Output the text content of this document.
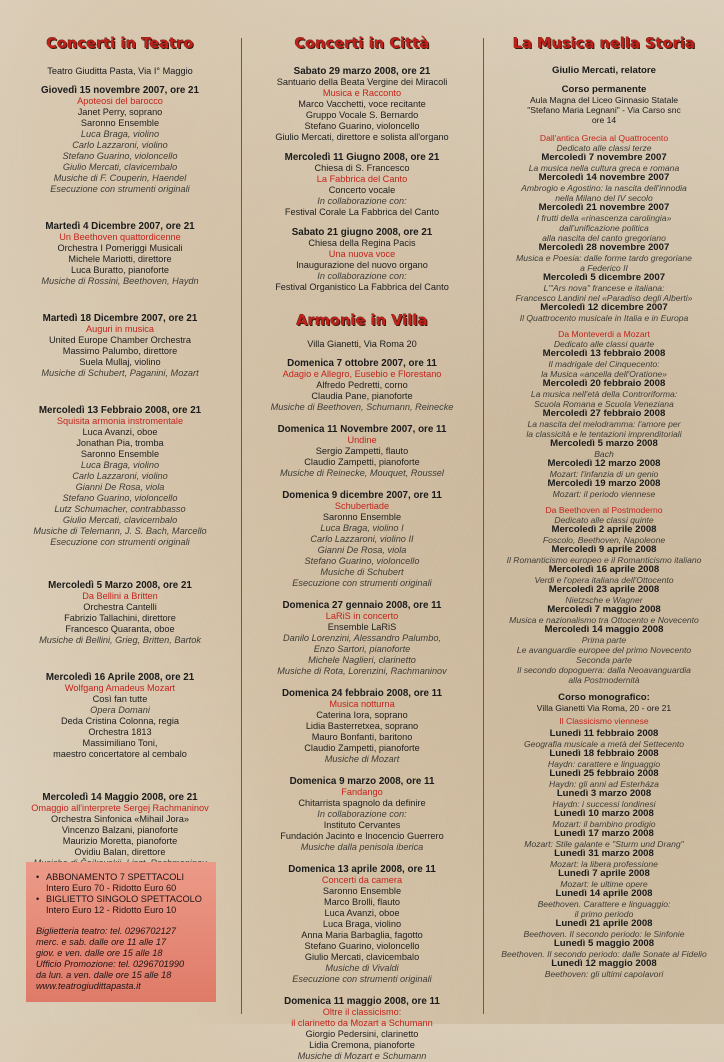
Concerti in Teatro
Teatro Giuditta Pasta, Via I° Maggio
Giovedì 15 novembre 2007, ore 21
Apoteosi del barocco
Janet Perry, soprano
Saronno Ensemble
Luca Braga, violino
Carlo Lazzaroni, violino
Stefano Guarino, violoncello
Giulio Mercati, clavicembalo
Musiche di F. Couperin, Haendel
Esecuzione con strumenti originali
Martedì 4 Dicembre 2007, ore 21
Un Beethoven quattordicenne
Orchestra I Pomeriggi Musicali
Michele Mariotti, direttore
Luca Buratto, pianoforte
Musiche di Rossini, Beethoven, Haydn
Martedì 18 Dicembre 2007, ore 21
Auguri in musica
United Europe Chamber Orchestra
Massimo Palumbo, direttore
Suela Mullaj, violino
Musiche di Schubert, Paganini, Mozart
Mercoledì 13 Febbraio 2008, ore 21
Squisita armonia instromentale
Luca Avanzi, oboe
Jonathan Pia, tromba
Saronno Ensemble
Luca Braga, violino
Carlo Lazzaroni, violino
Gianni De Rosa, viola
Stefano Guarino, violoncello
Lutz Schumacher, contrabbasso
Giulio Mercati, clavicembalo
Musiche di Telemann, J. S. Bach, Marcello
Esecuzione con strumenti originali
Mercoledì 5 Marzo 2008, ore 21
Da Bellini a Britten
Orchestra Cantelli
Fabrizio Tallachini, direttore
Francesco Quaranta, oboe
Musiche di Bellini, Grieg, Britten, Bartok
Mercoledì 16 Aprile 2008, ore 21
Wolfgang Amadeus Mozart
Così fan tutte
Opera Domani
Deda Cristina Colonna, regia
Orchestra 1813
Massimiliano Toni,
maestro concertatore al cembalo
Mercoledì 14 Maggio 2008, ore 21
Omaggio all'interprete Sergej Rachmaninov
Orchestra Sinfonica «Mihail Jora»
Vincenzo Balzani, pianoforte
Maurizio Moretta, pianoforte
Ovidiu Balan, direttore
• ABBONAMENTO 7 SPETTACOLI
Intero Euro 70 - Ridotto Euro 60
• BIGLIETTO SINGOLO SPETTACOLO
Intero Euro 12 - Ridotto Euro 10
Biglietteria teatro: tel. 0296702127
merc. e sab. dalle ore 11 alle 17
giov. e ven. dalle ore 15 alle 18
Ufficio Promozione: tel. 0296701990
da lun. a ven. dalle ore 15 alle 18
www.teatrogiudittapasta.it
Concerti in Città
Sabato 29 marzo 2008, ore 21
Santuario della Beata Vergine dei Miracoli
Musica e Racconto
Marco Vacchetti, voce recitante
Gruppo Vocale S. Bernardo
Stefano Guarino, violoncello
Giulio Mercati, direttore e solista all'organo
Mercoledì 11 Giugno 2008, ore 21
Chiesa di S. Francesco
La Fabbrica del Canto
Concerto vocale
In collaborazione con:
Festival Corale La Fabbrica del Canto
Sabato 21 giugno 2008, ore 21
Chiesa della Regina Pacis
Una nuova voce
Inaugurazione del nuovo organo
In collaborazione con:
Festival Organistico La Fabbrica del Canto
Armonie in Villa
Villa Gianetti, Via Roma 20
Domenica 7 ottobre 2007, ore 11
Adagio e Allegro, Eusebio e Florestano
Alfredo Pedretti, corno
Claudia Pane, pianoforte
Musiche di Beethoven, Schumann, Reinecke
Domenica 11 Novembre 2007, ore 11
Undine
Sergio Zampetti, flauto
Claudio Zampetti, pianoforte
Musiche di Reinecke, Mouquet, Roussel
Domenica 9 dicembre 2007, ore 11
Schubertiade
Saronno Ensemble
Luca Braga, violino I
Carlo Lazzaroni, violino II
Gianni De Rosa, viola
Stefano Guarino, violoncello
Musiche di Schubert
Esecuzione con strumenti originali
Domenica 27 gennaio 2008, ore 11
LaRiS in concerto
Ensemble LaRiS
Danilo Lorenzini, Alessandro Palumbo,
Enzo Sartori, pianoforte
Michele Naglieri, clarinetto
Musiche di Rota, Lorenzini, Rachmaninov
Domenica 24 febbraio 2008, ore 11
Musica notturna
Caterina Iora, soprano
Lidia Basterretxea, soprano
Mauro Bonfanti, baritono
Claudio Zampetti, pianoforte
Musiche di Mozart
Domenica 9 marzo 2008, ore 11
Fandango
Chitarrista spagnolo da definire
In collaborazione con:
Instituto Cervantes
Fundación Jacinto e Inocencio Guerrero
Musiche dalla penisola iberica
Domenica 13 aprile 2008, ore 11
Concerti da camera
Saronno Ensemble
Marco Brolli, flauto
Luca Avanzi, oboe
Luca Braga, violino
Anna Maria Barbaglia, fagotto
Stefano Guarino, violoncello
Giulio Mercati, clavicembalo
Musiche di Vivaldi
Esecuzione con strumenti originali
Domenica 11 maggio 2008, ore 11
Oltre il classicismo:
il clarinetto da Mozart a Schumann
Giorgio Pedersini, clarinetto
Lidia Cremona, pianoforte
Musiche di Mozart e Schumann
La Musica nella Storia
Giulio Mercati, relatore
Corso permanente
Aula Magna del Liceo Ginnasio Statale
"Stefano Maria Legnani" - Via Carso snc
ore 14
Dall'antica Grecia al Quattrocento
Dedicato alle classi terze
Mercoledì 7 novembre 2007
La musica nella cultura greca e romana
Mercoledì 14 novembre 2007
Ambrogio e Agostino: la nascita dell'innodia
nella Milano del IV secolo
Mercoledì 21 novembre 2007
I frutti della «rinascenza carolingia»
dall'unificazione politica
alla nascita del canto gregoriano
Mercoledì 28 novembre 2007
Musica e Poesia: dalle forme tardo gregoriane
a Federico II
Mercoledì 5 dicembre 2007
L'"Ars nova" francese e italiana:
Francesco Landini nel «Paradiso degli Alberti»
Mercoledì 12 dicembre 2007
Il Quattrocento musicale in Italia e in Europa
Da Monteverdi a Mozart
Dedicato alle classi quarte
Mercoledì 13 febbraio 2008
Il madrigale del Cinquecento:
la Musica «ancella dell'Oratione»
Mercoledì 20 febbraio 2008
La musica nell'età della Controriforma:
Scuola Romana e Scuola Veneziana
Mercoledì 27 febbraio 2008
La nascita del melodramma: l'amore per
la classicità e le tentazioni imprenditoriali
Mercoledì 5 marzo 2008
Bach
Mercoledì 12 marzo 2008
Mozart: l'infanzia di un genio
Mercoledì 19 marzo 2008
Mozart: il periodo viennese
Da Beethoven al Postmoderno
Dedicato alle classi quinte
Mercoledì 2 aprile 2008
Foscolo, Beethoven, Napoleone
Mercoledì 9 aprile 2008
Il Romanticismo europeo e il Romanticismo italiano
Mercoledì 16 aprile 2008
Verdi e l'opera italiana dell'Ottocento
Mercoledì 23 aprile 2008
Nietzsche e Wagner
Mercoledì 7 maggio 2008
Musica e nazionalismo tra Ottocento e Novecento
Mercoledì 14 maggio 2008
Prima parte
Le avanguardie europee del primo Novecento
Seconda parte
Il secondo dopoguerra: dalla Neoavanguardia
alla Postmodernità
Corso monografico:
Villa Gianetti Via Roma, 20 - ore 21
Il Classicismo viennese
Lunedì 11 febbraio 2008
Geografia musicale a metà del Settecento
Lunedì 18 febbraio 2008
Haydn: carattere e linguaggio
Lunedì 25 febbraio 2008
Haydn: gli anni ad Esterháza
Lunedì 3 marzo 2008
Haydn: i successi londinesi
Lunedì 10 marzo 2008
Mozart: il bambino prodigio
Lunedì 17 marzo 2008
Mozart: Stile galante e "Sturm und Drang"
Lunedì 31 marzo 2008
Mozart: la libera professione
Lunedì 7 aprile 2008
Mozart: le ultime opere
Lunedì 14 aprile 2008
Beethoven. Carattere e linguaggio:
il primo periodo
Lunedì 21 aprile 2008
Beethoven. Il secondo periodo: le Sinfonie
Lunedì 5 maggio 2008
Beethoven. Il secondo periodo: dalle Sonate al Fidelio
Lunedì 12 maggio 2008
Beethoven: gli ultimi capolavori
